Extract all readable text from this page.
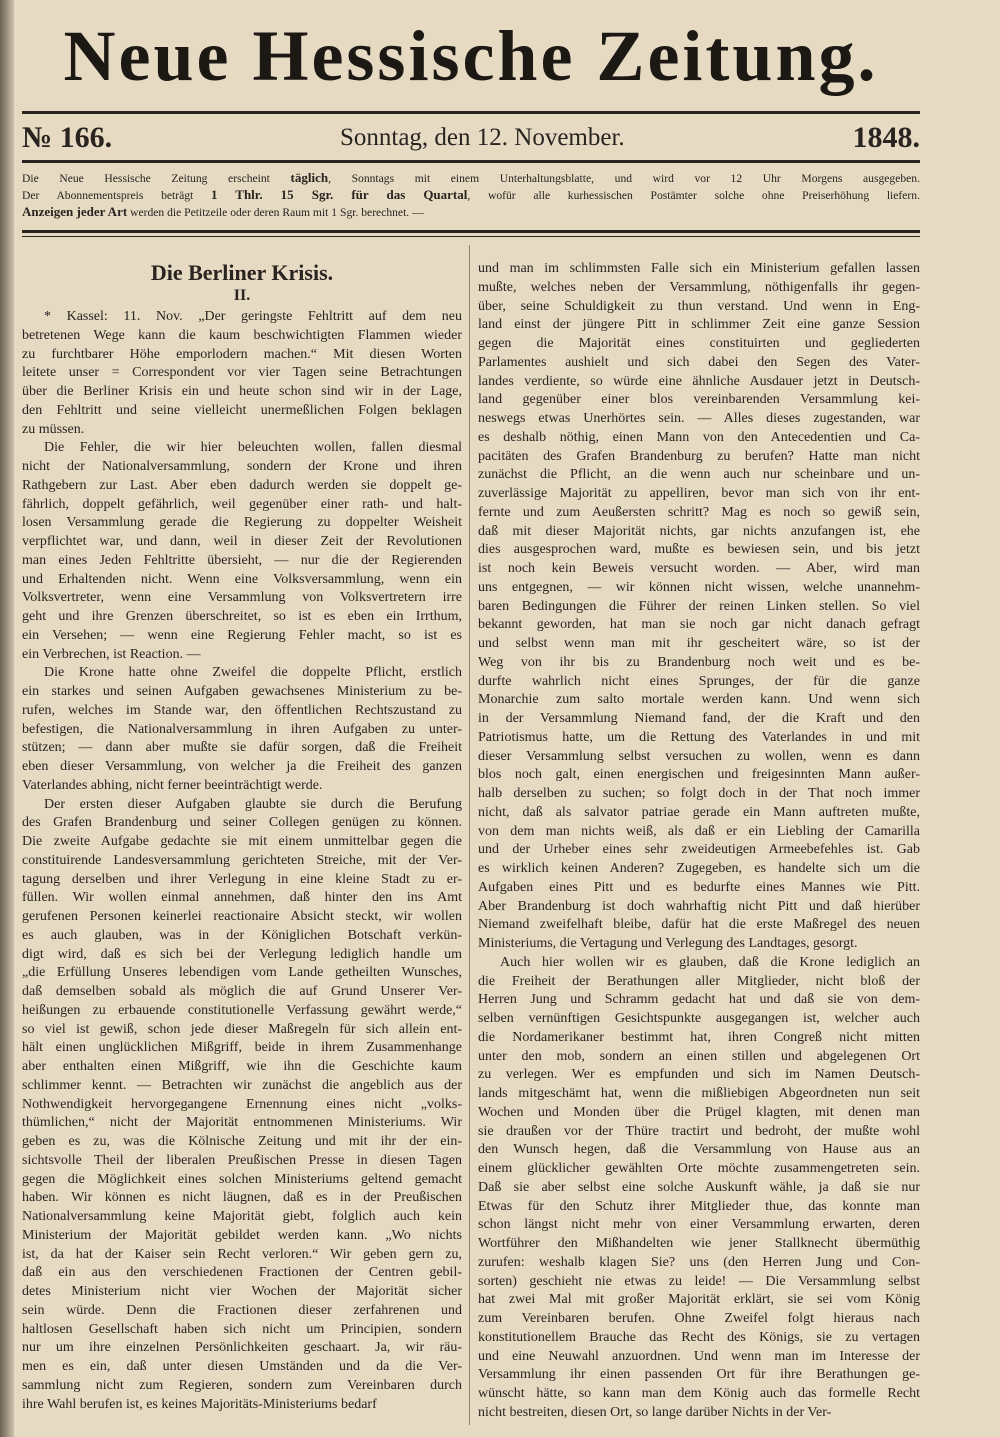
Neue Hessische Zeitung.
№ 166.	Sonntag, den 12. November.	1848.
Die Neue Hessische Zeitung erscheint täglich, Sonntags mit einem Unterhaltungsblatte, und wird vor 12 Uhr Morgens ausgegeben.
Der Abonnementspreis beträgt 1 Thlr. 15 Sgr. für das Quartal, wofür alle kurhessischen Postämter solche ohne Preiserhöhung liefern.
Anzeigen jeder Art werden die Petitzeile oder deren Raum mit 1 Sgr. berechnet. —
Die Berliner Krisis.
II.
* Kassel: 11. Nov. „Der geringste Fehltritt auf dem neu
betretenen Wege kann die kaum beschwichtigten Flammen wieder
zu furchtbarer Höhe emporlodern machen.“ Mit diesen Worten
leitete unser = Correspondent vor vier Tagen seine Betrachtungen
über die Berliner Krisis ein und heute schon sind wir in der Lage,
den Fehltritt und seine vielleicht unermeßlichen Folgen beklagen
zu müssen.
Die Fehler, die wir hier beleuchten wollen, fallen diesmal
nicht der Nationalversammlung, sondern der Krone und ihren
Rathgebern zur Last. Aber eben dadurch werden sie doppelt ge-
fährlich, doppelt gefährlich, weil gegenüber einer rath- und halt-
losen Versammlung gerade die Regierung zu doppelter Weisheit
verpflichtet war, und dann, weil in dieser Zeit der Revolutionen
man eines Jeden Fehltritte übersieht, — nur die der Regierenden
und Erhaltenden nicht. Wenn eine Volksversammlung, wenn ein
Volksvertreter, wenn eine Versammlung von Volksvertretern irre
geht und ihre Grenzen überschreitet, so ist es eben ein Irrthum,
ein Versehen; — wenn eine Regierung Fehler macht, so ist es
ein Verbrechen, ist Reaction. —
Die Krone hatte ohne Zweifel die doppelte Pflicht, erstlich
ein starkes und seinen Aufgaben gewachsenes Ministerium zu be-
rufen, welches im Stande war, den öffentlichen Rechtszustand zu
befestigen, die Nationalversammlung in ihren Aufgaben zu unter-
stützen; — dann aber mußte sie dafür sorgen, daß die Freiheit
eben dieser Versammlung, von welcher ja die Freiheit des ganzen
Vaterlandes abhing, nicht ferner beeinträchtigt werde.
Der ersten dieser Aufgaben glaubte sie durch die Berufung
des Grafen Brandenburg und seiner Collegen genügen zu können.
Die zweite Aufgabe gedachte sie mit einem unmittelbar gegen die
constituirende Landesversammlung gerichteten Streiche, mit der Ver-
tagung derselben und ihrer Verlegung in eine kleine Stadt zu er-
füllen. Wir wollen einmal annehmen, daß hinter den ins Amt
gerufenen Personen keinerlei reactionaire Absicht steckt, wir wollen
es auch glauben, was in der Königlichen Botschaft verkün-
digt wird, daß es sich bei der Verlegung lediglich handle um
„die Erfüllung Unseres lebendigen vom Lande getheilten Wunsches,
daß demselben sobald als möglich die auf Grund Unserer Ver-
heißungen zu erbauende constitutionelle Verfassung gewährt werde,“
so viel ist gewiß, schon jede dieser Maßregeln für sich allein ent-
hält einen unglücklichen Mißgriff, beide in ihrem Zusammenhange
aber enthalten einen Mißgriff, wie ihn die Geschichte kaum
schlimmer kennt. — Betrachten wir zunächst die angeblich aus der
Nothwendigkeit hervorgegangene Ernennung eines nicht „volks-
thümlichen,“ nicht der Majorität entnommenen Ministeriums. Wir
geben es zu, was die Kölnische Zeitung und mit ihr der ein-
sichtsvolle Theil der liberalen Preußischen Presse in diesen Tagen
gegen die Möglichkeit eines solchen Ministeriums geltend gemacht
haben. Wir können es nicht läugnen, daß es in der Preußischen
Nationalversammlung keine Majorität giebt, folglich auch kein
Ministerium der Majorität gebildet werden kann. „Wo nichts
ist, da hat der Kaiser sein Recht verloren.“ Wir geben gern zu,
daß ein aus den verschiedenen Fractionen der Centren gebil-
detes Ministerium nicht vier Wochen der Majorität sicher
sein würde. Denn die Fractionen dieser zerfahrenen und
haltlosen Gesellschaft haben sich nicht um Principien, sondern
nur um ihre einzelnen Persönlichkeiten geschaart. Ja, wir räu-
men es ein, daß unter diesen Umständen und da die Ver-
sammlung nicht zum Regieren, sondern zum Vereinbaren durch
ihre Wahl berufen ist, es keines Majoritäts-Ministeriums bedarf
und man im schlimmsten Falle sich ein Ministerium gefallen lassen
mußte, welches neben der Versammlung, nöthigenfalls ihr gegen-
über, seine Schuldigkeit zu thun verstand. Und wenn in Eng-
land einst der jüngere Pitt in schlimmer Zeit eine ganze Session
gegen die Majorität eines constituirten und gegliederten
Parlamentes aushielt und sich dabei den Segen des Vater-
landes verdiente, so würde eine ähnliche Ausdauer jetzt in Deutsch-
land gegenüber einer blos vereinbarenden Versammlung kei-
neswegs etwas Unerhörtes sein. — Alles dieses zugestanden, war
es deshalb nöthig, einen Mann von den Antecedentien und Ca-
pacitäten des Grafen Brandenburg zu berufen? Hatte man nicht
zunächst die Pflicht, an die wenn auch nur scheinbare und un-
zuverlässige Majorität zu appelliren, bevor man sich von ihr ent-
fernte und zum Aeußersten schritt? Mag es noch so gewiß sein,
daß mit dieser Majorität nichts, gar nichts anzufangen ist, ehe
dies ausgesprochen ward, mußte es bewiesen sein, und bis jetzt
ist noch kein Beweis versucht worden. — Aber, wird man
uns entgegnen, — wir können nicht wissen, welche unannehm-
baren Bedingungen die Führer der reinen Linken stellen. So viel
bekannt geworden, hat man sie noch gar nicht danach gefragt
und selbst wenn man mit ihr gescheitert wäre, so ist der
Weg von ihr bis zu Brandenburg noch weit und es be-
durfte wahrlich nicht eines Sprunges, der für die ganze
Monarchie zum salto mortale werden kann. Und wenn sich
in der Versammlung Niemand fand, der die Kraft und den
Patriotismus hatte, um die Rettung des Vaterlandes in und mit
dieser Versammlung selbst versuchen zu wollen, wenn es dann
blos noch galt, einen energischen und freigesinnten Mann außer-
halb derselben zu suchen; so folgt doch in der That noch immer
nicht, daß als salvator patriae gerade ein Mann auftreten mußte,
von dem man nichts weiß, als daß er ein Liebling der Camarilla
und der Urheber eines sehr zweideutigen Armeebefehles ist. Gab
es wirklich keinen Anderen? Zugegeben, es handelte sich um die
Aufgaben eines Pitt und es bedurfte eines Mannes wie Pitt.
Aber Brandenburg ist doch wahrhaftig nicht Pitt und daß hierüber
Niemand zweifelhaft bleibe, dafür hat die erste Maßregel des neuen
Ministeriums, die Vertagung und Verlegung des Landtages, gesorgt.
Auch hier wollen wir es glauben, daß die Krone lediglich an
die Freiheit der Berathungen aller Mitglieder, nicht bloß der
Herren Jung und Schramm gedacht hat und daß sie von dem-
selben vernünftigen Gesichtspunkte ausgegangen ist, welcher auch
die Nordamerikaner bestimmt hat, ihren Congreß nicht mitten
unter den mob, sondern an einen stillen und abgelegenen Ort
zu verlegen. Wer es empfunden und sich im Namen Deutsch-
lands mitgeschämt hat, wenn die mißliebigen Abgeordneten nun seit
Wochen und Monden über die Prügel klagten, mit denen man
sie draußen vor der Thüre tractirt und bedroht, der mußte wohl
den Wunsch hegen, daß die Versammlung von Hause aus an
einem glücklicher gewählten Orte möchte zusammengetreten sein.
Daß sie aber selbst eine solche Auskunft wähle, ja daß sie nur
Etwas für den Schutz ihrer Mitglieder thue, das konnte man
schon längst nicht mehr von einer Versammlung erwarten, deren
Wortführer den Mißhandelten wie jener Stallknecht übermüthig
zurufen: weshalb klagen Sie? uns (den Herren Jung und Con-
sorten) geschieht nie etwas zu leide! — Die Versammlung selbst
hat zwei Mal mit großer Majorität erklärt, sie sei vom König
zum Vereinbaren berufen. Ohne Zweifel folgt hieraus nach
konstitutionellem Brauche das Recht des Königs, sie zu vertagen
und eine Neuwahl anzuordnen. Und wenn man im Interesse der
Versammlung ihr einen passenden Ort für ihre Berathungen ge-
wünscht hätte, so kann man dem König auch das formelle Recht
nicht bestreiten, diesen Ort, so lange darüber Nichts in der Ver-
